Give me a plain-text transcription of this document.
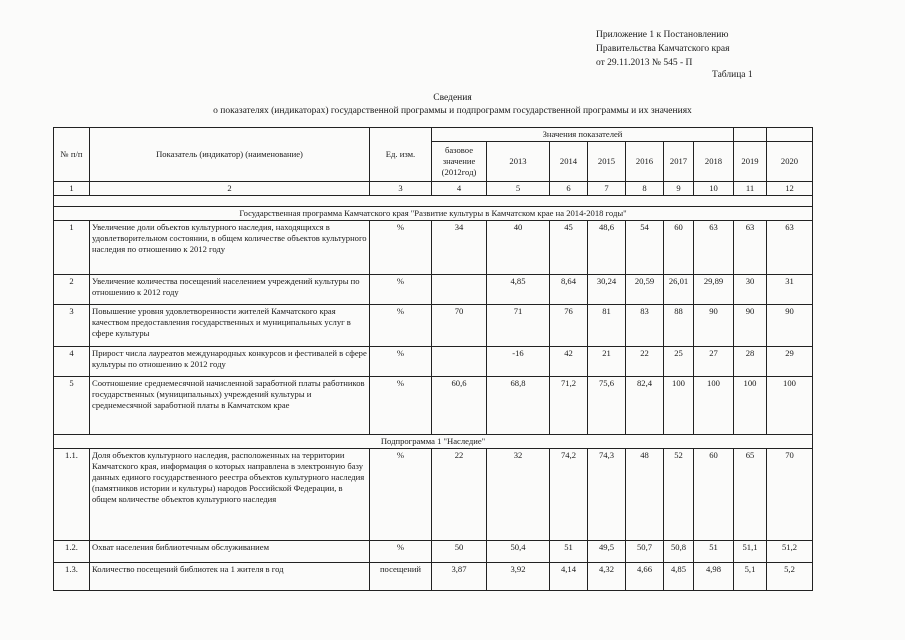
Приложение 1 к Постановлению
Правительства Камчатского края
от 29.11.2013 № 545 - П
Таблица 1
Сведения
о показателях (индикаторах) государственной программы и подпрограмм государственной программы и их значениях
№ п/п	Показатель (индикатор) (наименование)	Ед. изм.	Значения показателей								
			базовое значение (2012год)	2013	2014	2015	2016	2017	2018	2019	2020
1	2	3	4	5	6	7	8	9	10	11	12

Государственная программа Камчатского края "Развитие культуры в Камчатском крае на 2014-2018 годы"											
1	Увеличение доли объектов культурного наследия, находящихся в удовлетворительном состоянии, в общем количестве объектов культурного наследия по отношению к 2012 году	%	34	40	45	48,6	54	60	63	63	63
2	Увеличение количества посещений населением учреждений культуры по отношению к 2012 году	%		4,85	8,64	30,24	20,59	26,01	29,89	30	31
3	Повышение уровня удовлетворенности жителей Камчатского края качеством предоставления государственных и муниципальных услуг в сфере культуры	%	70	71	76	81	83	88	90	90	90
4	Прирост числа лауреатов международных конкурсов и фестивалей в сфере культуры по отношению к 2012 году	%		-16	42	21	22	25	27	28	29
5	Соотношение среднемесячной начисленной заработной платы работников государственных (муниципальных) учреждений культуры и среднемесячной заработной платы в Камчатском крае	%	60,6	68,8	71,2	75,6	82,4	100	100	100	100
Подпрограмма 1 "Наследие"											
1.1.	Доля объектов культурного наследия, расположенных на территории Камчатского края, информация о которых направлена в электронную базу данных единого государственного реестра объектов культурного наследия (памятников истории и культуры) народов Российской Федерации, в общем количестве объектов культурного наследия	%	22	32	74,2	74,3	48	52	60	65	70
1.2.	Охват населения библиотечным обслуживанием	%	50	50,4	51	49,5	50,7	50,8	51	51,1	51,2
1.3.	Количество посещений библиотек на 1 жителя в год	посещений	3,87	3,92	4,14	4,32	4,66	4,85	4,98	5,1	5,2
